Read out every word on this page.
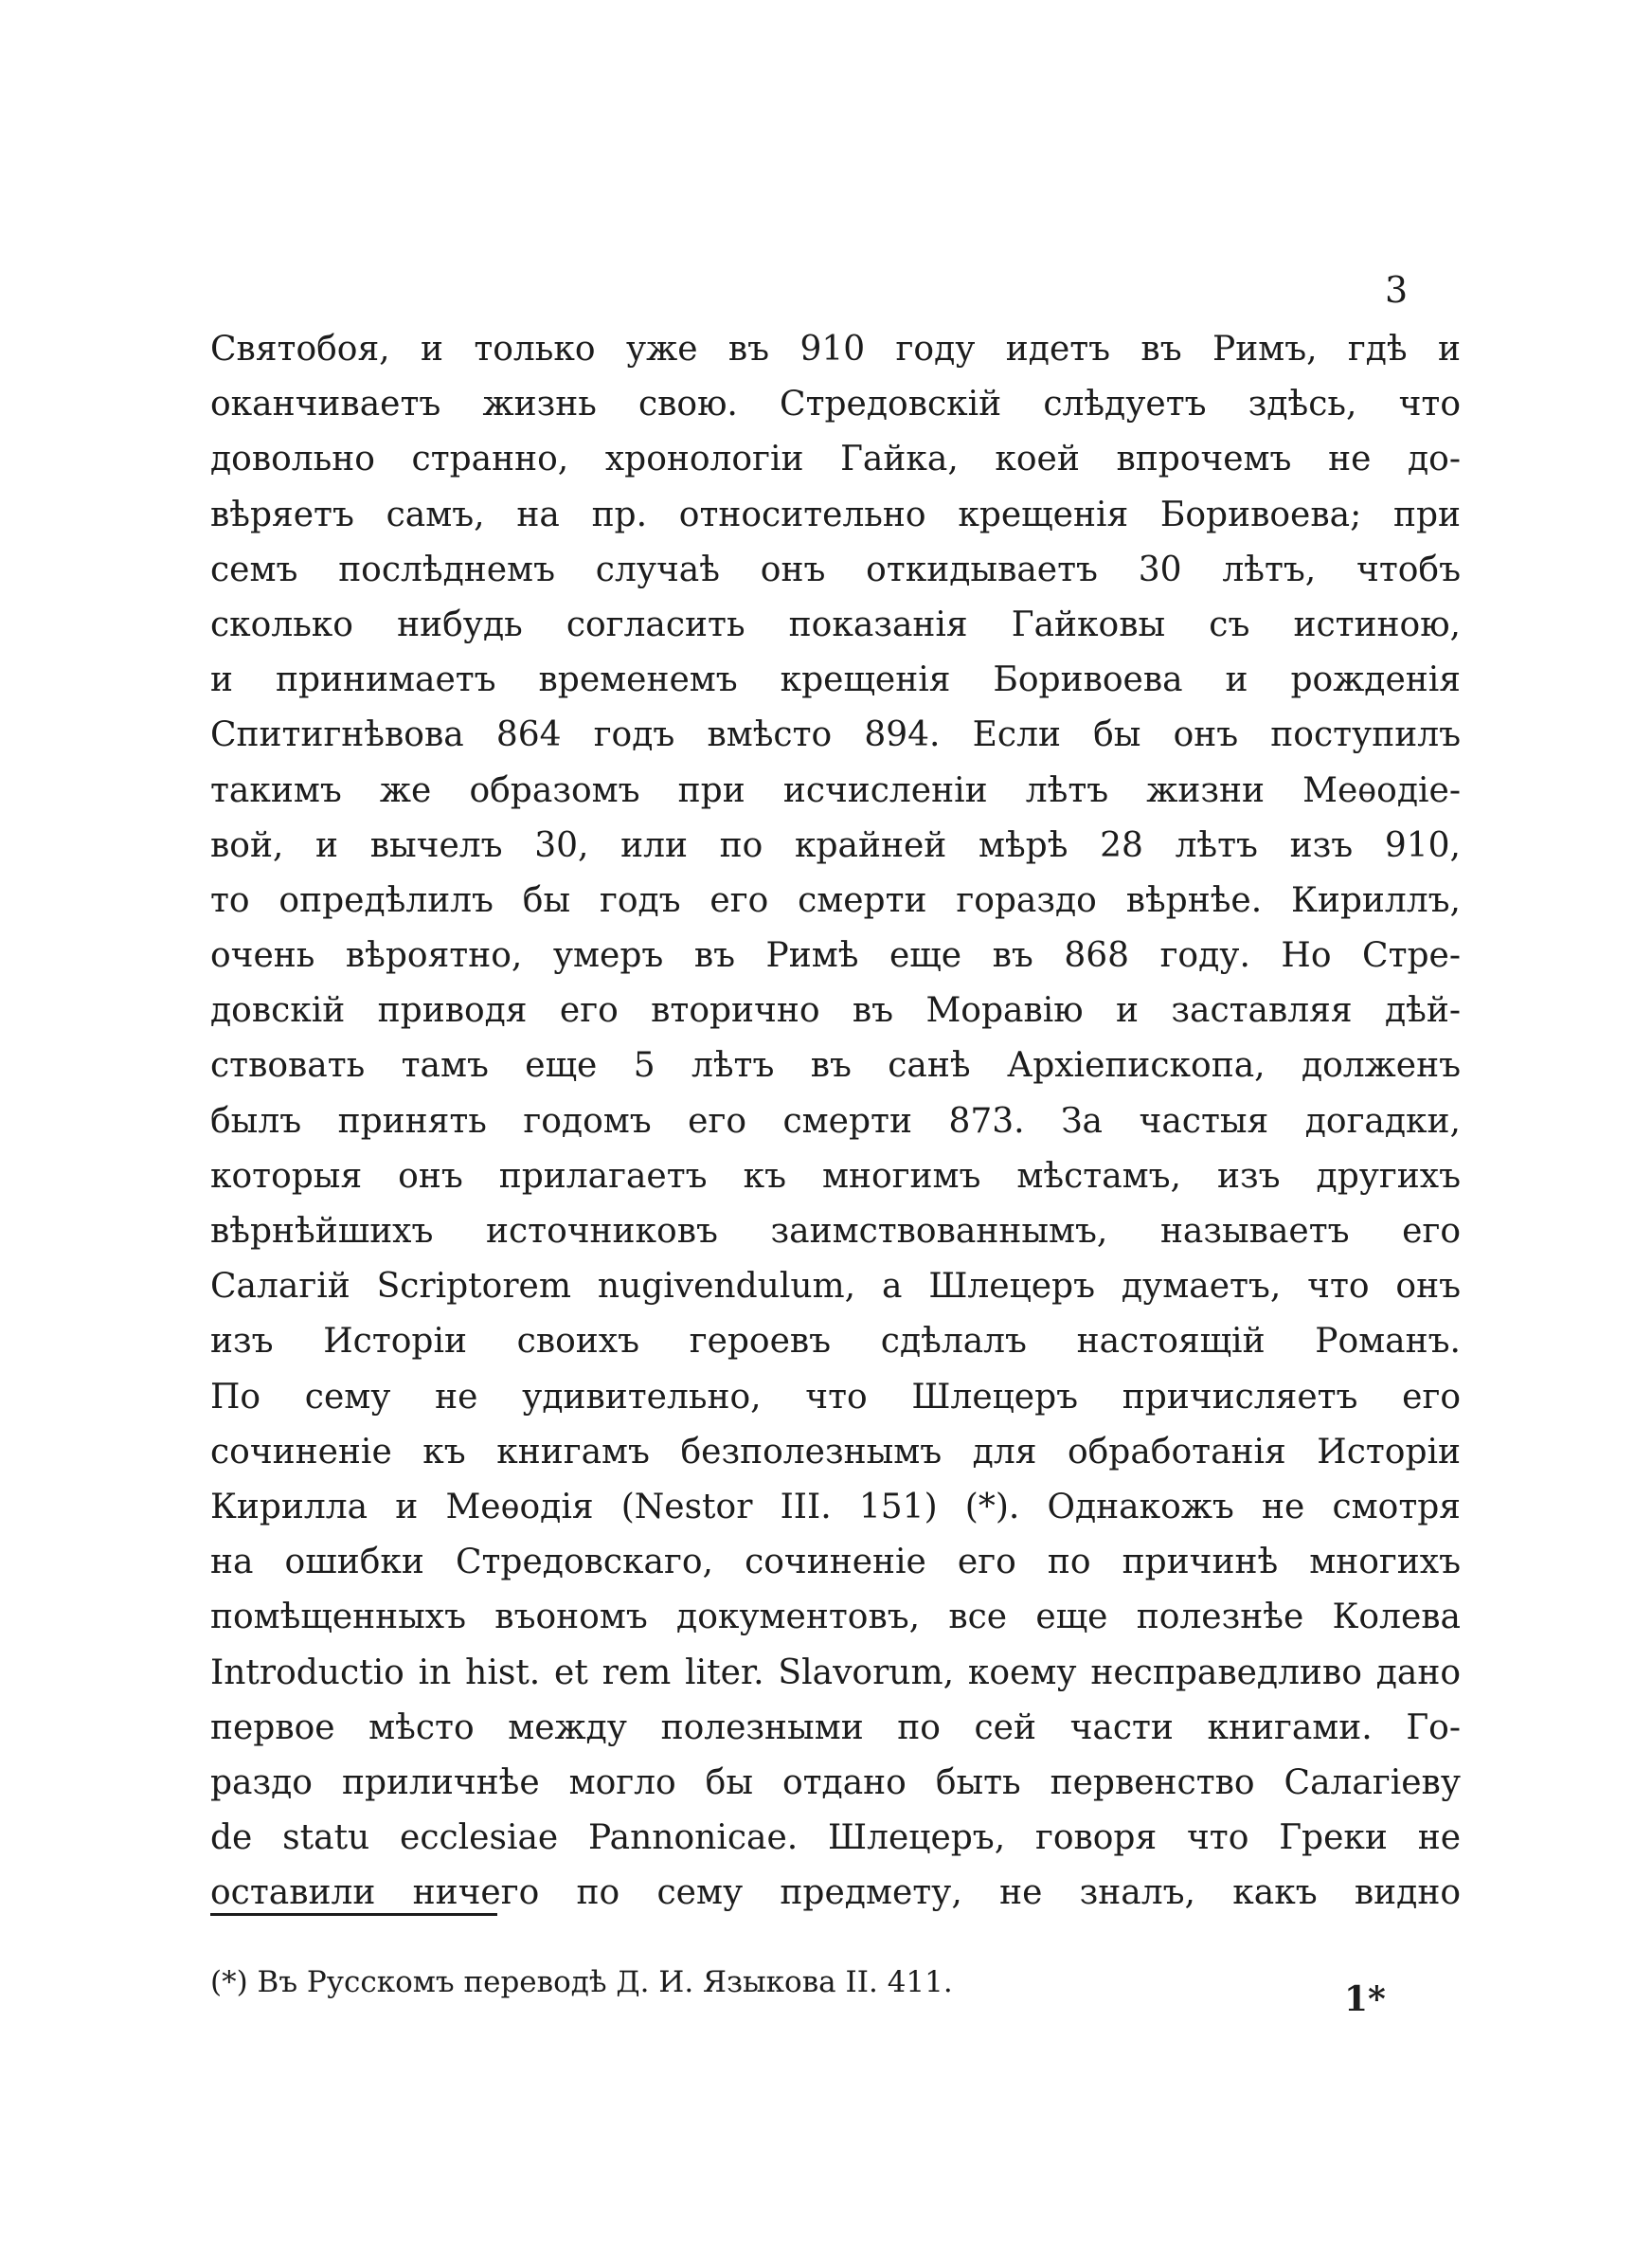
3
Святобоя, и только уже въ 910 году идетъ въ Римъ, гдѣ и
оканчиваетъ жизнь свою. Стредовскій слѣдуетъ здѣсь, что
довольно странно, хронологіи Гайка, коей впрочемъ не до-
вѣряетъ самъ, на пр. относительно крещенія Боривоева; при
семъ послѣднемъ случаѣ онъ откидываетъ 30 лѣтъ, чтобъ
сколько нибудь согласить показанія Гайковы съ истиною,
и принимаетъ временемъ крещенія Боривоева и рожденія
Спитигнѣвова 864 годъ вмѣсто 894. Если бы онъ поступилъ
такимъ же образомъ при исчисленіи лѣтъ жизни Меѳодіе-
вой, и вычелъ 30, или по крайней мѣрѣ 28 лѣтъ изъ 910,
то опредѣлилъ бы годъ его смерти гораздо вѣрнѣе. Кириллъ,
очень вѣроятно, умеръ въ Римѣ еще въ 868 году. Но Стре-
довскій приводя его вторично въ Моравію и заставляя дѣй-
ствовать тамъ еще 5 лѣтъ въ санѣ Архіепископа, долженъ
былъ принять годомъ его смерти 873. За частыя догадки,
которыя онъ прилагаетъ къ многимъ мѣстамъ, изъ другихъ
вѣрнѣйшихъ источниковъ заимствованнымъ, называетъ его
Салагій Scriptorem nugivendulum, а Шлецеръ думаетъ, что онъ
изъ Исторіи своихъ героевъ сдѣлалъ настоящій Романъ.
По сему не удивительно, что Шлецеръ причисляетъ его
сочиненіе къ книгамъ безполезнымъ для обработанія Исторіи
Кирилла и Меѳодія (Nestor III. 151) (*). Однакожъ не смотря
на ошибки Стредовскаго, сочиненіе его по причинѣ многихъ
помѣщенныхъ въономъ документовъ, все еще полезнѣе Колева
Introductio in hist. et rem liter. Slavorum, коему несправедливо дано
первое мѣсто между полезными по сей части книгами. Го-
раздо приличнѣе могло бы отдано быть первенство Салагіеву
de statu ecclesiae Pannonicae. Шлецеръ, говоря что Греки не
оставили ничего по сему предмету, не зналъ, какъ видно
(*) Въ Русскомъ переводѣ Д. И. Языкова II. 411.	1*
